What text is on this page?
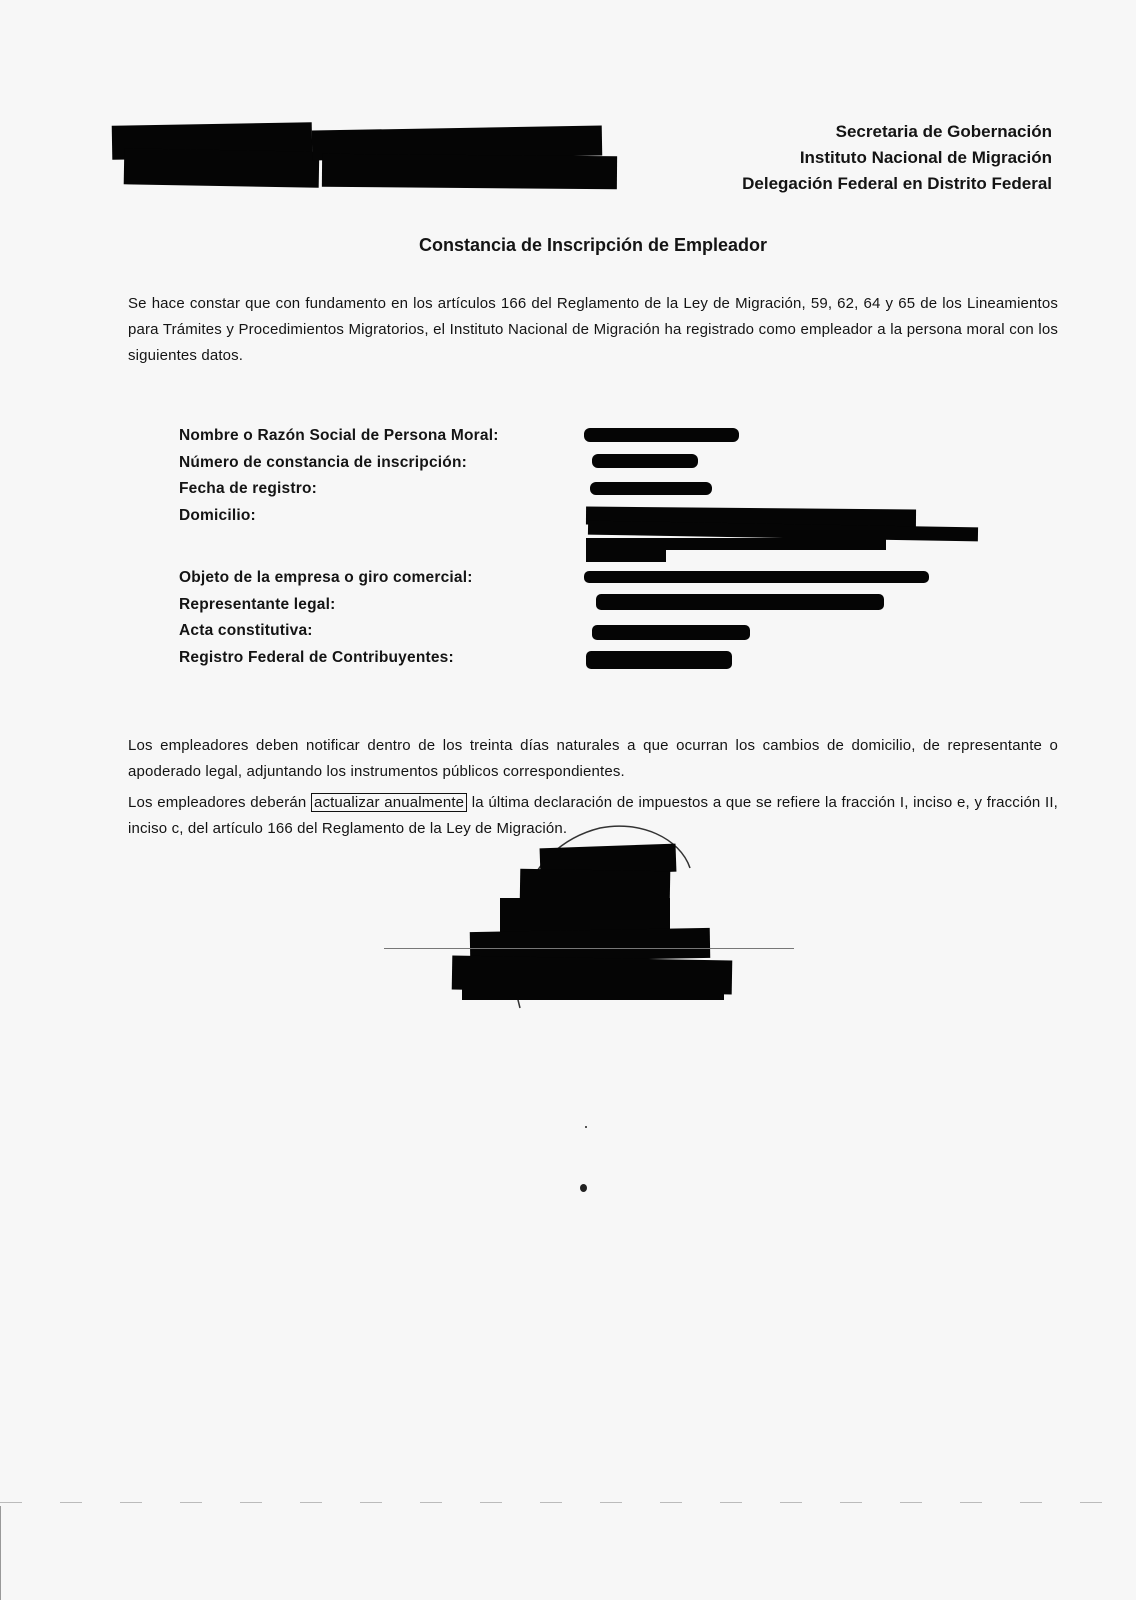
Secretaria de Gobernación
Instituto Nacional de Migración
Delegación Federal en Distrito Federal
Constancia de Inscripción de Empleador
Se hace constar que con fundamento en los artículos 166 del Reglamento de la Ley de Migración, 59, 62, 64 y 65 de los Lineamientos para Trámites y Procedimientos Migratorios, el Instituto Nacional de Migración ha registrado como empleador a la persona moral con los siguientes datos.
Nombre o Razón Social de Persona Moral:
Número de constancia de inscripción:
Fecha de registro:
Domicilio:
Objeto de la empresa o giro comercial:
Representante legal:
Acta constitutiva:
Registro Federal de Contribuyentes:
Los empleadores deben notificar dentro de los treinta días naturales a que ocurran los cambios de domicilio, de representante o apoderado legal, adjuntando los instrumentos públicos correspondientes.
Los empleadores deberán actualizar anualmente la última declaración de impuestos a que se refiere la fracción I, inciso e, y fracción II, inciso c, del artículo 166 del Reglamento de la Ley de Migración.
